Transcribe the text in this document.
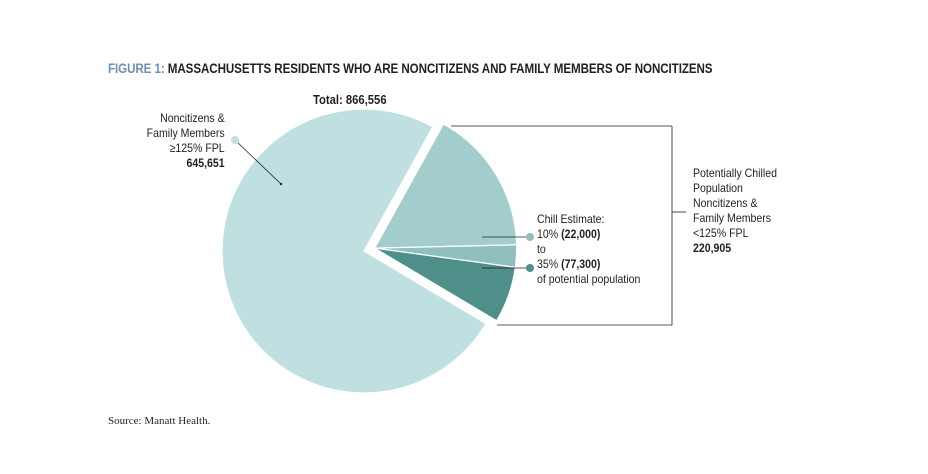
FIGURE 1: MASSACHUSETTS RESIDENTS WHO ARE NONCITIZENS AND FAMILY MEMBERS OF NONCITIZENS
Total: 866,556
Noncitizens &
Family Members
≥125% FPL
645,651
Potentially Chilled
Population
Noncitizens &
Family Members
<125% FPL
220,905
Chill Estimate:
10% (22,000)
to
35% (77,300)
of potential population
Source: Manatt Health.
